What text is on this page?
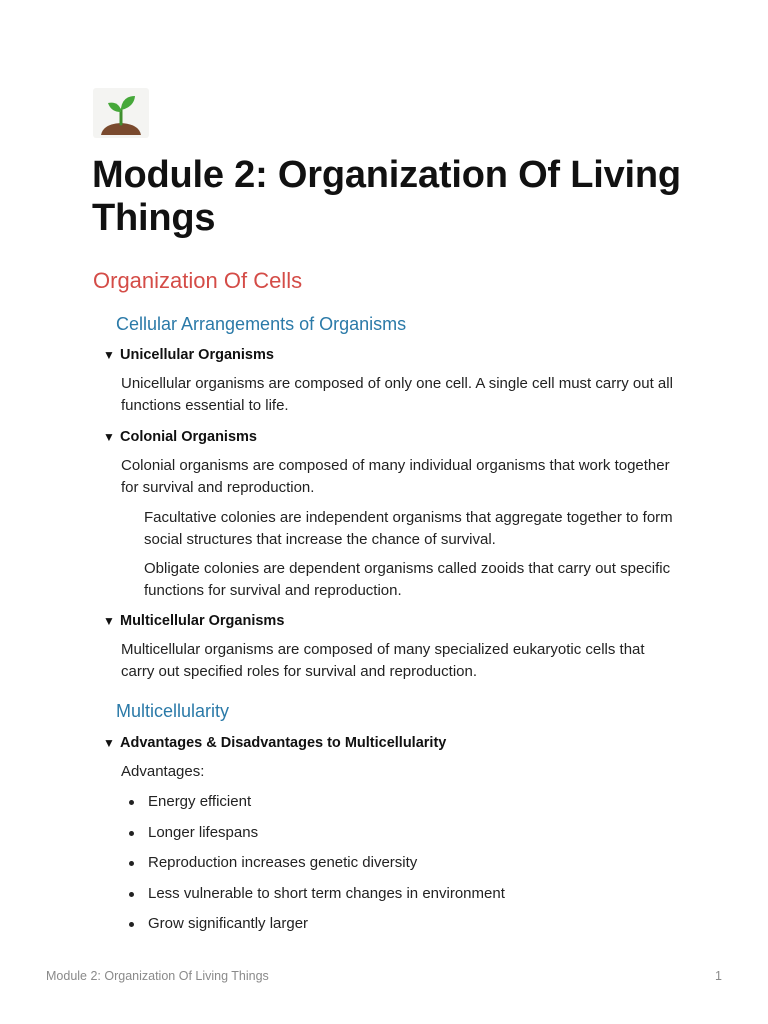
Module 2: Organization Of Living Things
Organization Of Cells
Cellular Arrangements of Organisms
▼ Unicellular Organisms

Unicellular organisms are composed of only one cell. A single cell must carry out all functions essential to life.

▼ Colonial Organisms

Colonial organisms are composed of many individual organisms that work together for survival and reproduction.

Facultative colonies are independent organisms that aggregate together to form social structures that increase the chance of survival.

Obligate colonies are dependent organisms called zooids that carry out specific functions for survival and reproduction.

▼ Multicellular Organisms

Multicellular organisms are composed of many specialized eukaryotic cells that carry out specified roles for survival and reproduction.

Multicellularity
▼ Advantages & Disadvantages to Multicellularity

Advantages:

Energy efficient
Longer lifespans
Reproduction increases genetic diversity
Less vulnerable to short term changes in environment
Grow significantly larger
Module 2: Organization Of Living Things	1
